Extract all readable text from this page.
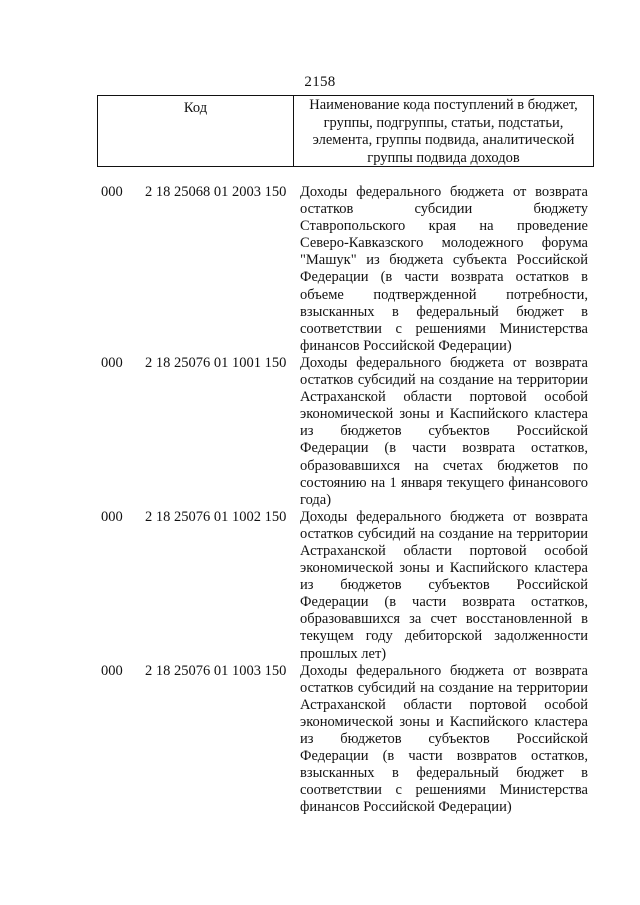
2158
Код	Наименование кода поступлений в бюджет,
группы, подгруппы, статьи, подстатьи,
элемента, группы подвида, аналитической
группы подвида доходов
000 2 18 25068 01 2003 150 Доходы федерального бюджета от возврата
остатков субсидии бюджету
Ставропольского края на проведение
Северо-Кавказского молодежного форума
"Машук" из бюджета субъекта Российской
Федерации (в части возврата остатков в
объеме подтвержденной потребности,
взысканных в федеральный бюджет в
соответствии с решениями Министерства
финансов Российской Федерации)
000 2 18 25076 01 1001 150 Доходы федерального бюджета от возврата
остатков субсидий на создание на территории
Астраханской области портовой особой
экономической зоны и Каспийского кластера
из бюджетов субъектов Российской
Федерации (в части возврата остатков,
образовавшихся на счетах бюджетов по
состоянию на 1 января текущего финансового
года)
000 2 18 25076 01 1002 150 Доходы федерального бюджета от возврата
остатков субсидий на создание на территории
Астраханской области портовой особой
экономической зоны и Каспийского кластера
из бюджетов субъектов Российской
Федерации (в части возврата остатков,
образовавшихся за счет восстановленной в
текущем году дебиторской задолженности
прошлых лет)
000 2 18 25076 01 1003 150 Доходы федерального бюджета от возврата
остатков субсидий на создание на территории
Астраханской области портовой особой
экономической зоны и Каспийского кластера
из бюджетов субъектов Российской
Федерации (в части возвратов остатков,
взысканных в федеральный бюджет в
соответствии с решениями Министерства
финансов Российской Федерации)
